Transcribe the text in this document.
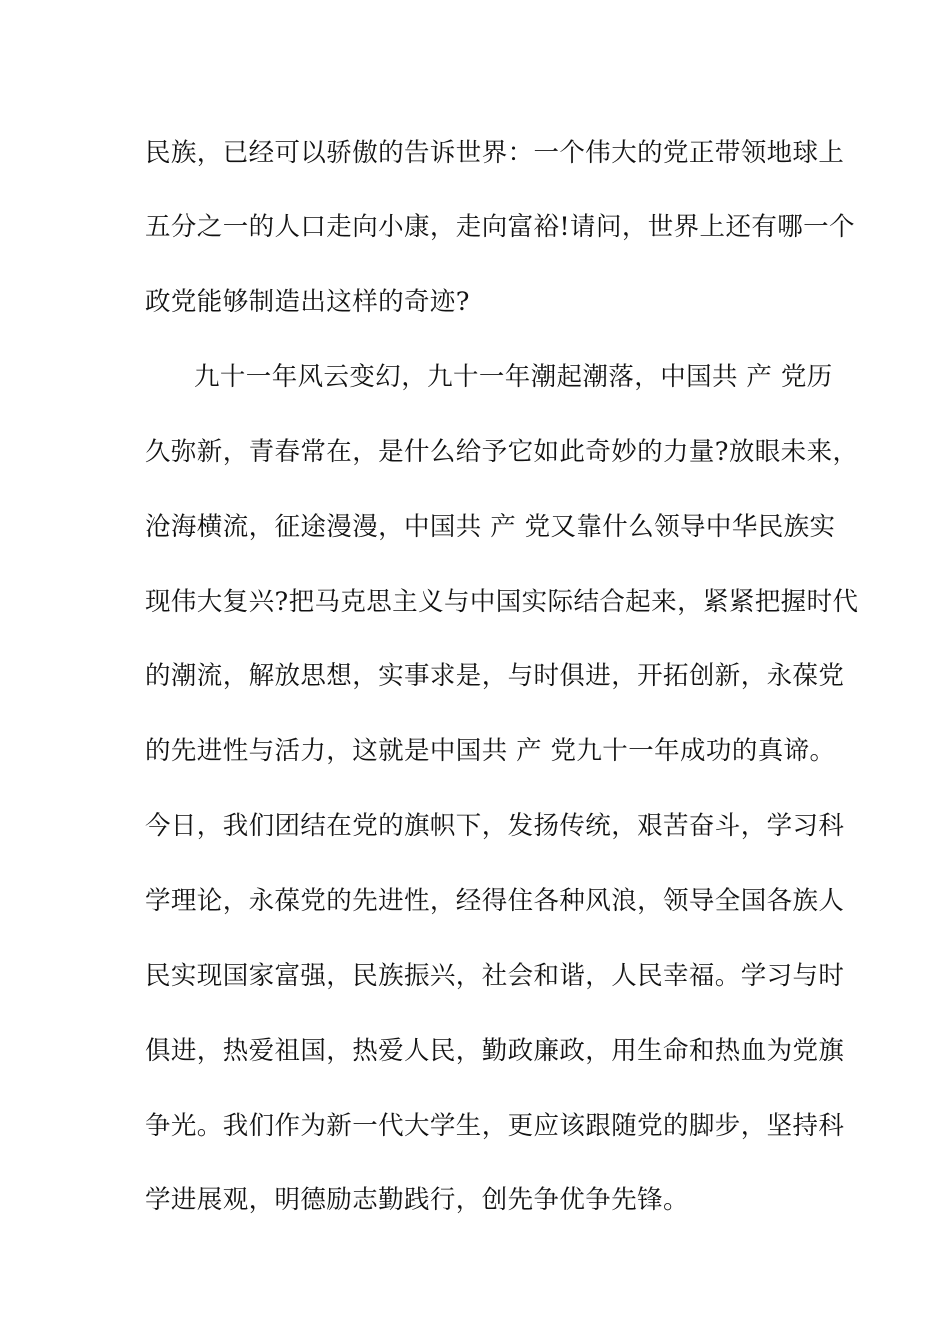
民族，已经可以骄傲的告诉世界：一个伟大的党正带领地球上
五分之一的人口走向小康，走向富裕!请问，世界上还有哪一个
政党能够制造出这样的奇迹?
九十一年风云变幻，九十一年潮起潮落，中国共 产 党历
久弥新，青春常在，是什么给予它如此奇妙的力量?放眼未来，
沧海横流，征途漫漫，中国共 产 党又靠什么领导中华民族实
现伟大复兴?把马克思主义与中国实际结合起来，紧紧把握时代
的潮流，解放思想，实事求是，与时俱进，开拓创新，永葆党
的先进性与活力，这就是中国共 产 党九十一年成功的真谛。
今日，我们团结在党的旗帜下，发扬传统，艰苦奋斗，学习科
学理论，永葆党的先进性，经得住各种风浪，领导全国各族人
民实现国家富强，民族振兴，社会和谐，人民幸福。学习与时
俱进，热爱祖国，热爱人民，勤政廉政，用生命和热血为党旗
争光。我们作为新一代大学生，更应该跟随党的脚步，坚持科
学进展观，明德励志勤践行，创先争优争先锋。
